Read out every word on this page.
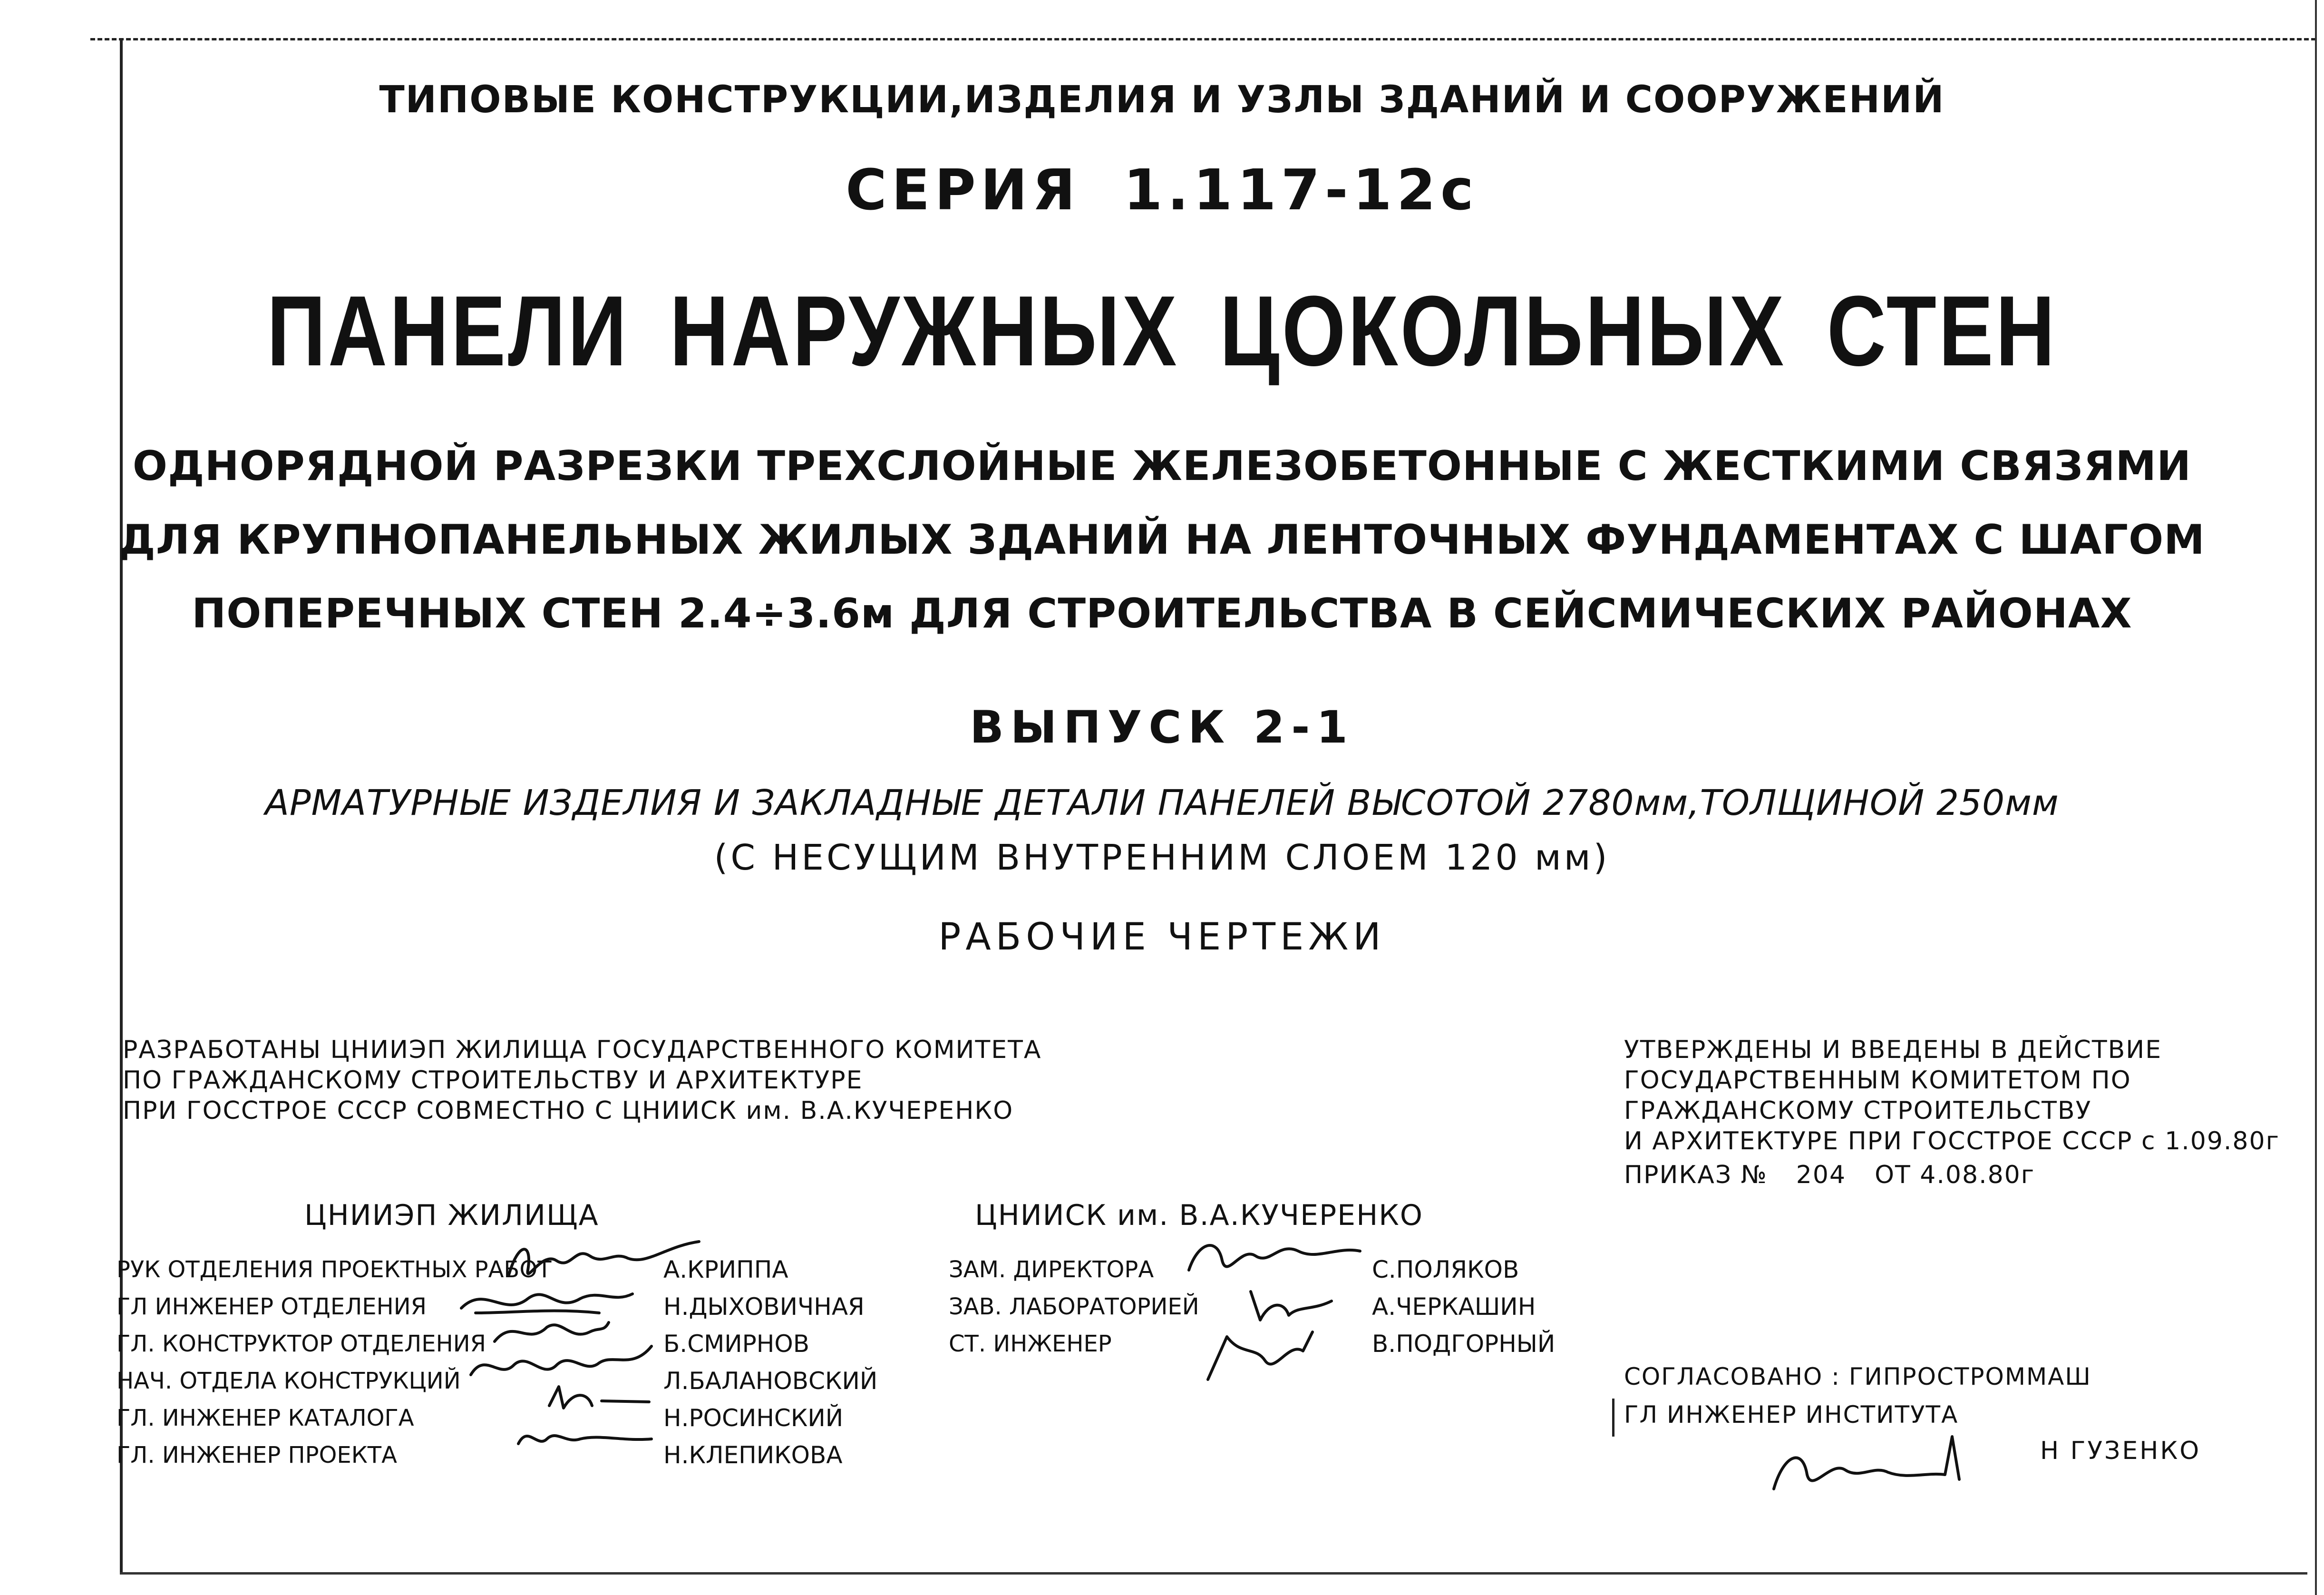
ТИПОВЫЕ КОНСТРУКЦИИ,ИЗДЕЛИЯ И УЗЛЫ ЗДАНИЙ И СООРУЖЕНИЙ
СЕРИЯ 1.117-12с
ПАНЕЛИ НАРУЖНЫХ ЦОКОЛЬНЫХ СТЕН
ОДНОРЯДНОЙ РАЗРЕЗКИ ТРЕХСЛОЙНЫЕ ЖЕЛЕЗОБЕТОННЫЕ С ЖЕСТКИМИ СВЯЗЯМИ
ДЛЯ КРУПНОПАНЕЛЬНЫХ ЖИЛЫХ ЗДАНИЙ НА ЛЕНТОЧНЫХ ФУНДАМЕНТАХ С ШАГОМ
ПОПЕРЕЧНЫХ СТЕН 2.4÷3.6м ДЛЯ СТРОИТЕЛЬСТВА В СЕЙСМИЧЕСКИХ РАЙОНАХ
ВЫПУСК 2-1
АРМАТУРНЫЕ ИЗДЕЛИЯ И ЗАКЛАДНЫЕ ДЕТАЛИ ПАНЕЛЕЙ ВЫСОТОЙ 2780мм,ТОЛЩИНОЙ 250мм
(С НЕСУЩИМ ВНУТРЕННИМ СЛОЕМ 120 мм)
РАБОЧИЕ ЧЕРТЕЖИ
РАЗРАБОТАНЫ ЦНИИЭП ЖИЛИЩА ГОСУДАРСТВЕННОГО КОМИТЕТА
ПО ГРАЖДАНСКОМУ СТРОИТЕЛЬСТВУ И АРХИТЕКТУРЕ
ПРИ ГОССТРОЕ СССР СОВМЕСТНО С ЦНИИСК им. В.А.КУЧЕРЕНКО
УТВЕРЖДЕНЫ И ВВЕДЕНЫ В ДЕЙСТВИЕ
ГОСУДАРСТВЕННЫМ КОМИТЕТОМ ПО
ГРАЖДАНСКОМУ СТРОИТЕЛЬСТВУ
И АРХИТЕКТУРЕ ПРИ ГОССТРОЕ СССР с 1.09.80г
ПРИКАЗ № 204 ОТ 4.08.80г
ЦНИИЭП ЖИЛИЩА	ЦНИИСК им. В.А.КУЧЕРЕНКО
РУК ОТДЕЛЕНИЯ ПРОЕКТНЫХ РАБОТ
ГЛ ИНЖЕНЕР ОТДЕЛЕНИЯ
ГЛ. КОНСТРУКТОР ОТДЕЛЕНИЯ
НАЧ. ОТДЕЛА КОНСТРУКЦИЙ
ГЛ. ИНЖЕНЕР КАТАЛОГА
ГЛ. ИНЖЕНЕР ПРОЕКТА
А.КРИППА
Н.ДЫХОВИЧНАЯ
Б.СМИРНОВ
Л.БАЛАНОВСКИЙ
Н.РОСИНСКИЙ
Н.КЛЕПИКОВА
ЗАМ. ДИРЕКТОРА
ЗАВ. ЛАБОРАТОРИЕЙ
СТ. ИНЖЕНЕР
С.ПОЛЯКОВ
А.ЧЕРКАШИН
В.ПОДГОРНЫЙ
СОГЛАСОВАНО : ГИПРОСТРОММАШ
ГЛ ИНЖЕНЕР ИНСТИТУТА
Н ГУЗЕНКО
